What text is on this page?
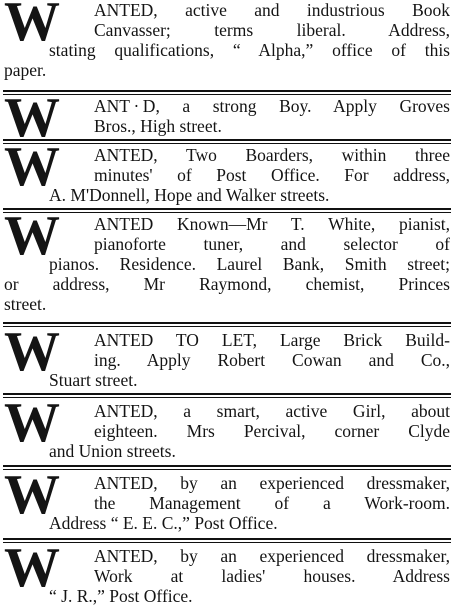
W	ANTED, active and industrious Book
Canvasser; terms liberal. Address,
stating qualifications, “ Alpha,” office of this
paper.
W	ANT · D, a strong Boy. Apply Groves
Bros., High street.
W	ANTED, Two Boarders, within three
minutes' of Post Office. For address,
A. M'Donnell, Hope and Walker streets.
W	ANTED Known—Mr T. White, pianist,
pianoforte tuner, and selector of
pianos. Residence. Laurel Bank, Smith street;
or address, Mr Raymond, chemist, Princes
street.
W	ANTED TO LET, Large Brick Build-
ing. Apply Robert Cowan and Co.,
Stuart street.
W	ANTED, a smart, active Girl, about
eighteen. Mrs Percival, corner Clyde
and Union streets.
W	ANTED, by an experienced dressmaker,
the Management of a Work-room.
Address “ E. E. C.,” Post Office.
W	ANTED, by an experienced dressmaker,
Work at ladies' houses. Address
“ J. R.,” Post Office.
